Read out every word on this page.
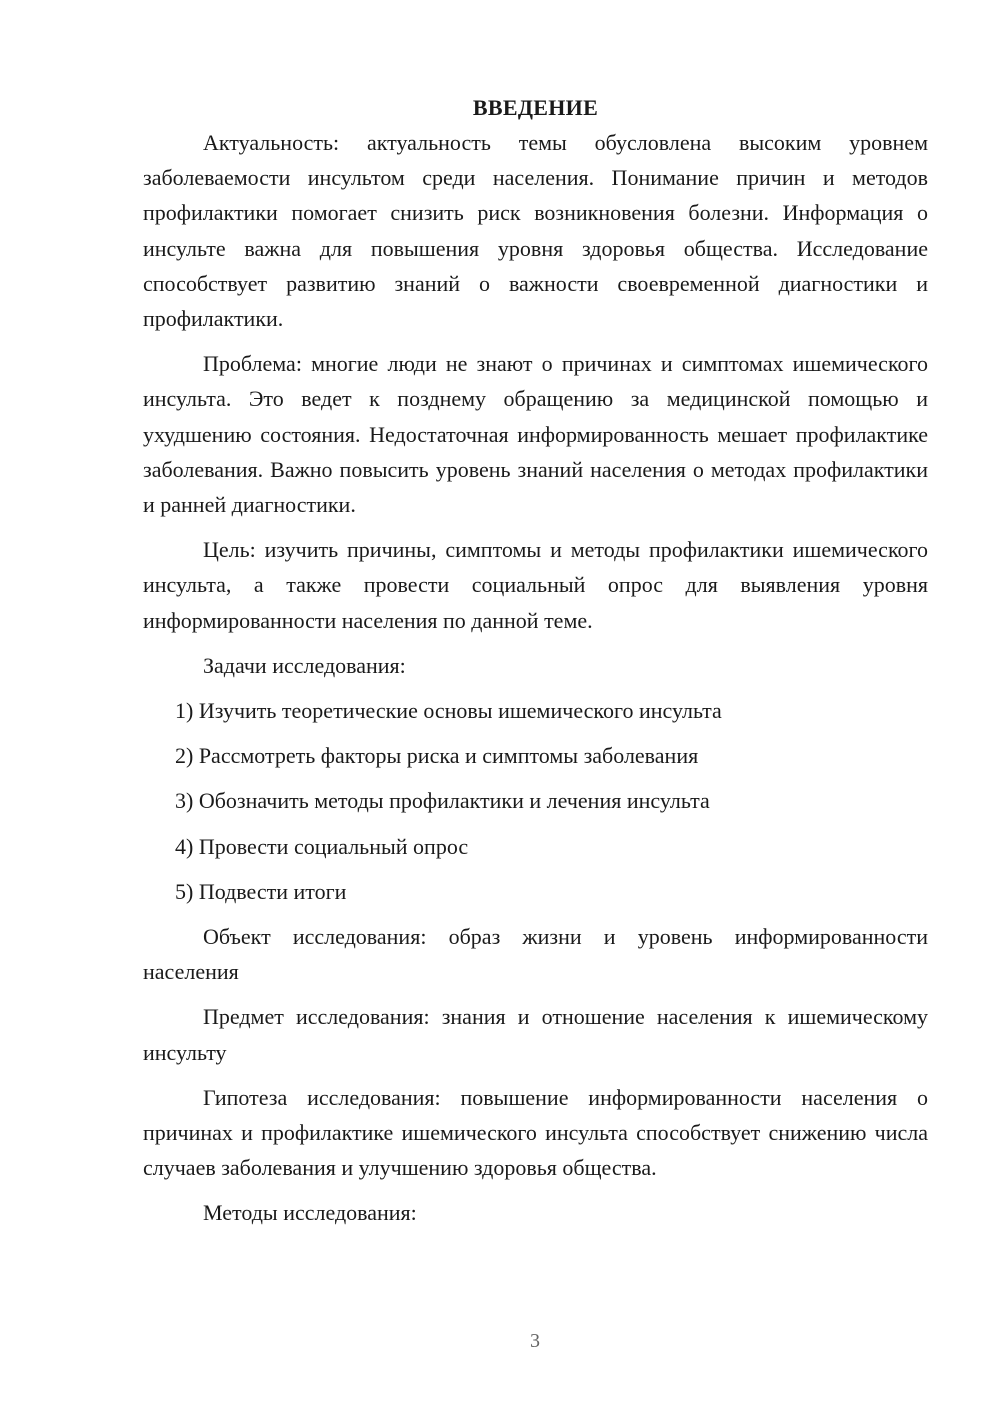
ВВЕДЕНИЕ

Актуальность: актуальность темы обусловлена высоким уровнем заболеваемости инсультом среди населения. Понимание причин и методов профилактики помогает снизить риск возникновения болезни. Информация о инсульте важна для повышения уровня здоровья общества. Исследование способствует развитию знаний о важности своевременной диагностики и профилактики.

Проблема: многие люди не знают о причинах и симптомах ишемического инсульта. Это ведет к позднему обращению за медицинской помощью и ухудшению состояния. Недостаточная информированность мешает профилактике заболевания. Важно повысить уровень знаний населения о методах профилактики и ранней диагностики.

Цель: изучить причины, симптомы и методы профилактики ишемического инсульта, а также провести социальный опрос для выявления уровня информированности населения по данной теме.

Задачи исследования:

1) Изучить теоретические основы ишемического инсульта
2) Рассмотреть факторы риска и симптомы заболевания
3) Обозначить методы профилактики и лечения инсульта
4) Провести социальный опрос
5) Подвести итоги

Объект исследования: образ жизни и уровень информированности населения

Предмет исследования: знания и отношение населения к ишемическому инсульту

Гипотеза исследования: повышение информированности населения о причинах и профилактике ишемического инсульта способствует снижению числа случаев заболевания и улучшению здоровья общества.

Методы исследования:

3
